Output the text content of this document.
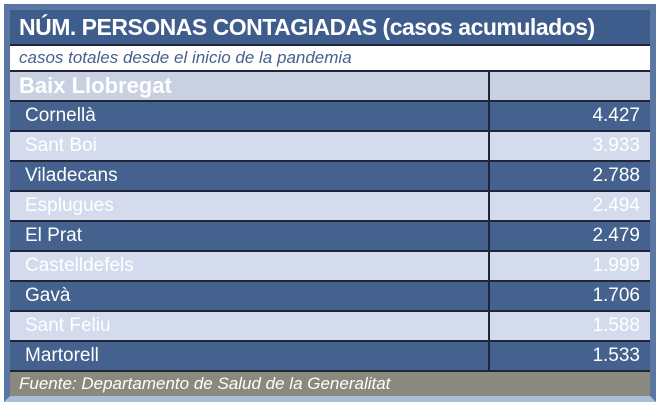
NÚM. PERSONAS CONTAGIADAS (casos acumulados)
casos totales desde el inicio de la pandemia
Baix Llobregat
Cornellà	4.427
Sant Boi	3.933
Viladecans	2.788
Esplugues	2.494
El Prat	2.479
Castelldefels	1.999
Gavà	1.706
Sant Feliu	1.588
Martorell	1.533
Fuente: Departamento de Salud de la Generalitat
